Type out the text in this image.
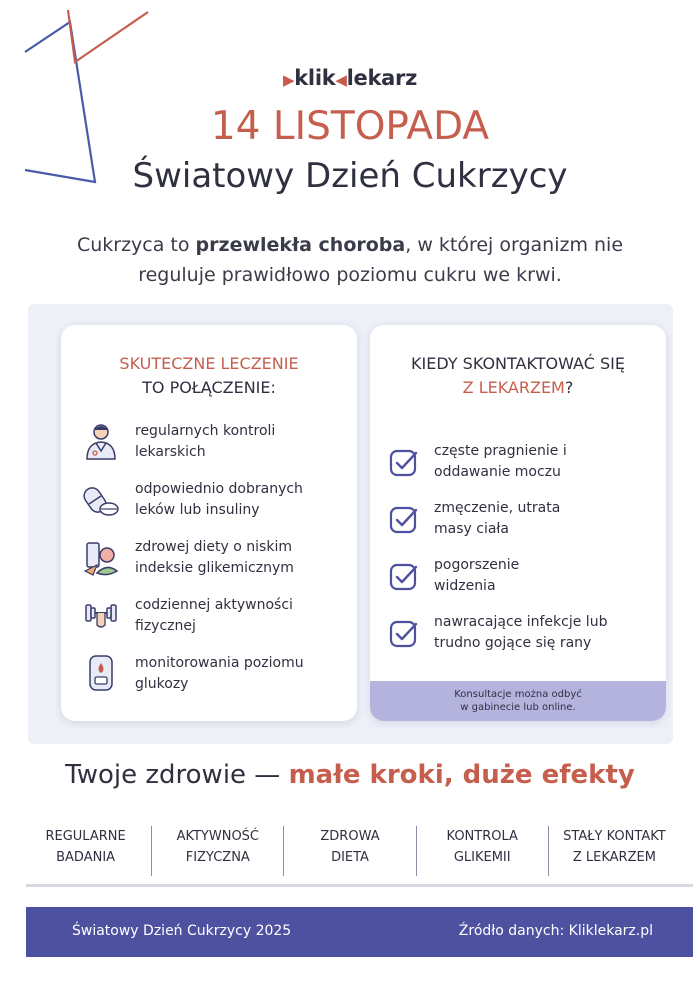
▶klik◀lekarz
14 LISTOPADA
Światowy Dzień Cukrzycy
Cukrzyca to przewlekła choroba, w której organizm nie reguluje prawidłowo poziomu cukru we krwi.
SKUTECZNE LECZENIE
TO POŁĄCZENIE:
regularnych kontroli
lekarskich
odpowiednio dobranych
leków lub insuliny
zdrowej diety o niskim
indeksie glikemicznym
codziennej aktywności
fizycznej
monitorowania poziomu
glukozy
KIEDY SKONTAKTOWAĆ SIĘ
Z LEKARZEM?
częste pragnienie i
oddawanie moczu
zmęczenie, utrata
masy ciała
pogorszenie
widzenia
nawracające infekcje lub
trudno gojące się rany
Konsultacje można odbyć
w gabinecie lub online.
Twoje zdrowie — małe kroki, duże efekty
REGULARNE
BADANIA
AKTYWNOŚĆ
FIZYCZNA
ZDROWA
DIETA
KONTROLA
GLIKEMII
STAŁY KONTAKT
Z LEKARZEM
Światowy Dzień Cukrzycy 2025	Źródło danych: Kliklekarz.pl
